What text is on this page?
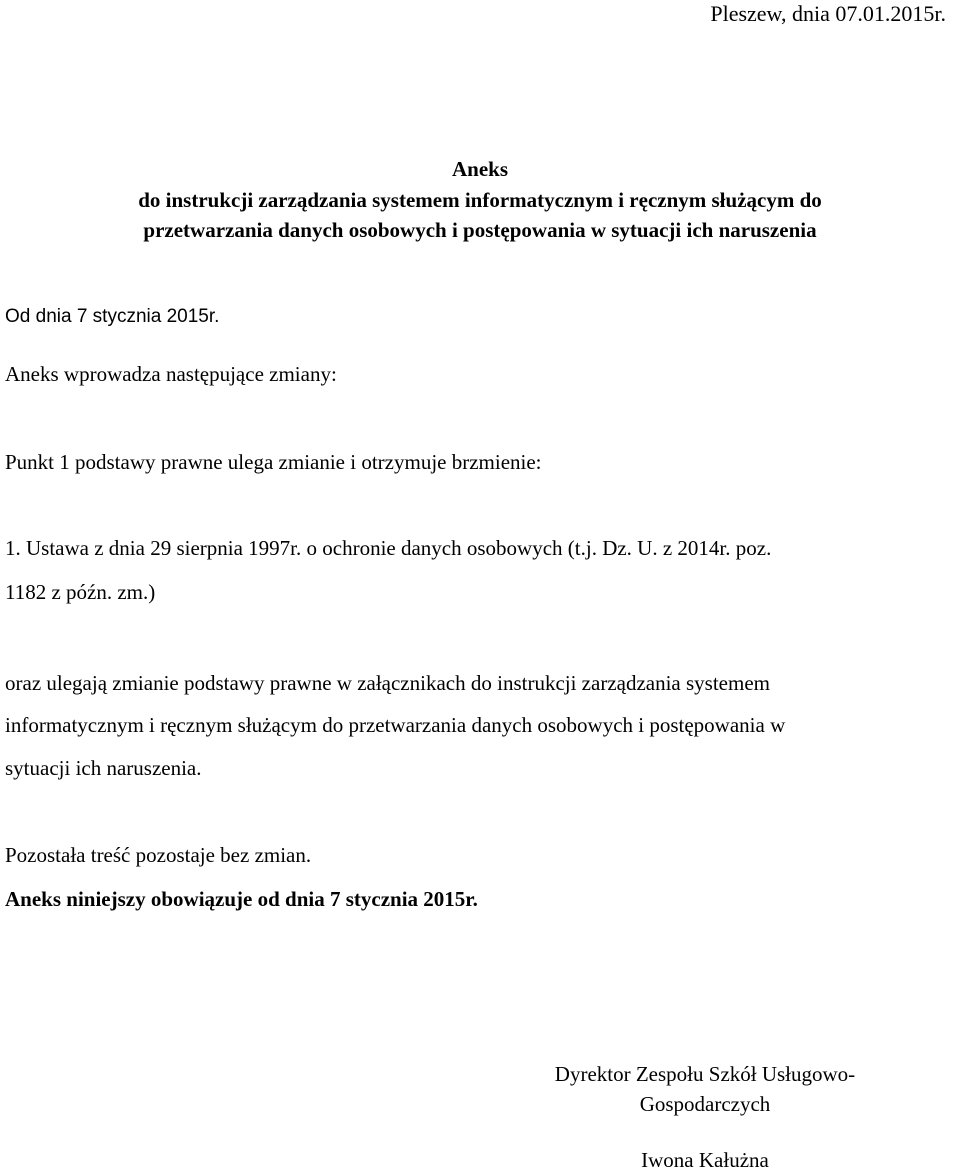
Pleszew, dnia 07.01.2015r.
Aneks
do instrukcji zarządzania systemem informatycznym i ręcznym służącym do
przetwarzania danych osobowych i postępowania w sytuacji ich naruszenia
Od dnia 7 stycznia 2015r.
Aneks wprowadza następujące zmiany:
Punkt 1 podstawy prawne ulega zmianie i otrzymuje brzmienie:
1. Ustawa z dnia 29 sierpnia 1997r. o ochronie danych osobowych (t.j. Dz. U. z 2014r. poz.
1182 z późn. zm.)
oraz ulegają zmianie podstawy prawne w załącznikach do instrukcji zarządzania systemem
informatycznym i ręcznym służącym do przetwarzania danych osobowych i postępowania w
sytuacji ich naruszenia.
Pozostała treść pozostaje bez zmian.
Aneks niniejszy obowiązuje od dnia 7 stycznia 2015r.
Dyrektor Zespołu Szkół Usługowo-
Gospodarczych
Iwona Kałużna
